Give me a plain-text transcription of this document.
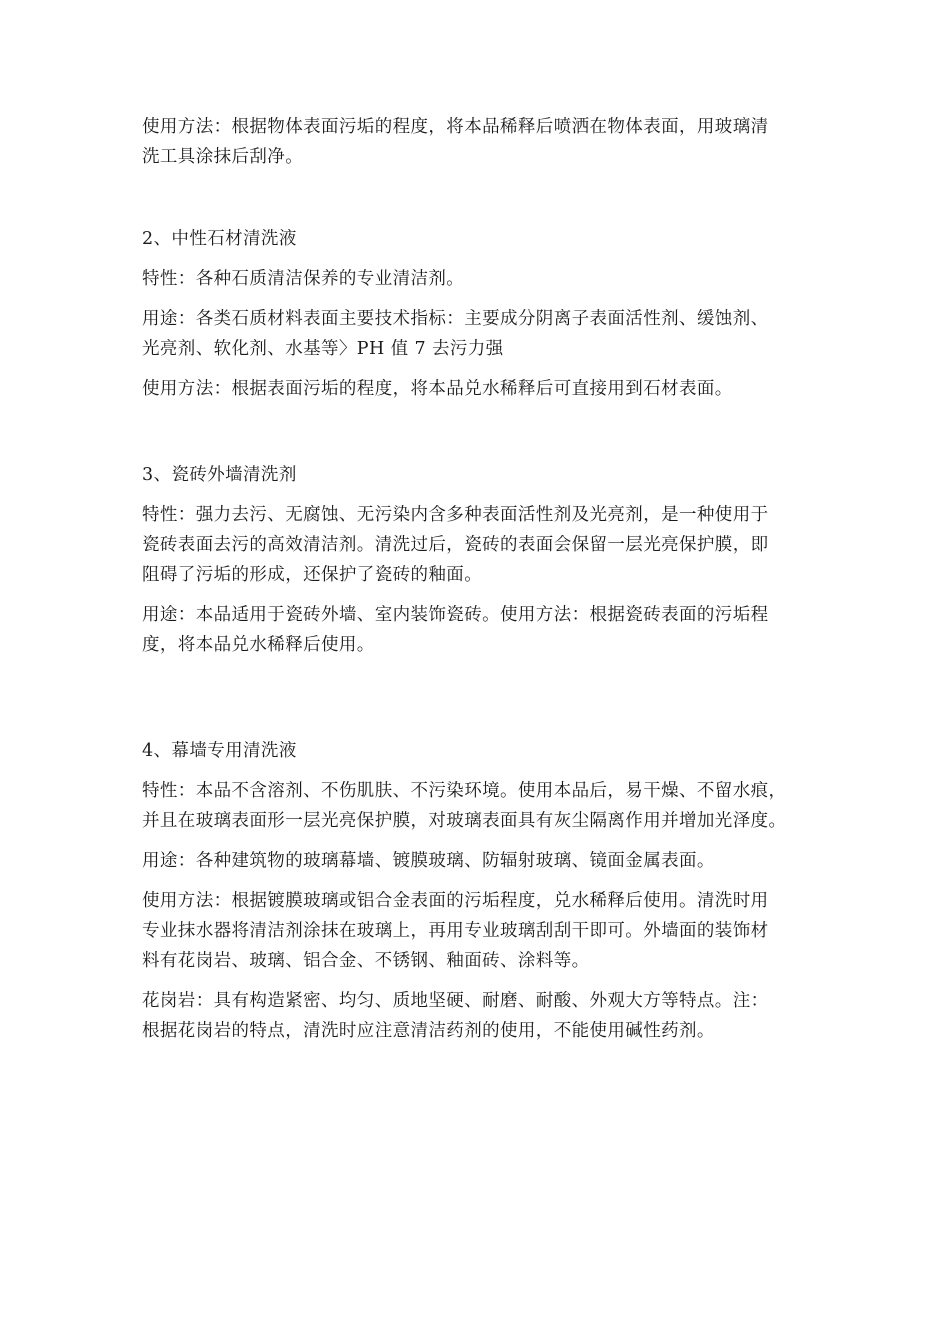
使用方法：根据物体表面污垢的程度，将本品稀释后喷洒在物体表面，用玻璃清
洗工具涂抹后刮净。

2、中性石材清洗液

特性：各种石质清洁保养的专业清洁剂。

用途：各类石质材料表面主要技术指标：主要成分阴离子表面活性剂、缓蚀剂、
光亮剂、软化剂、水基等〉PH 值 7 去污力强

使用方法：根据表面污垢的程度，将本品兑水稀释后可直接用到石材表面。

3、瓷砖外墙清洗剂

特性：强力去污、无腐蚀、无污染内含多种表面活性剂及光亮剂，是一种使用于
瓷砖表面去污的高效清洁剂。清洗过后，瓷砖的表面会保留一层光亮保护膜，即
阻碍了污垢的形成，还保护了瓷砖的釉面。

用途：本品适用于瓷砖外墙、室内装饰瓷砖。使用方法：根据瓷砖表面的污垢程
度，将本品兑水稀释后使用。

4、幕墙专用清洗液

特性：本品不含溶剂、不伤肌肤、不污染环境。使用本品后，易干燥、不留水痕，
并且在玻璃表面形一层光亮保护膜，对玻璃表面具有灰尘隔离作用并增加光泽度。

用途：各种建筑物的玻璃幕墙、镀膜玻璃、防辐射玻璃、镜面金属表面。

使用方法：根据镀膜玻璃或铝合金表面的污垢程度，兑水稀释后使用。清洗时用
专业抹水器将清洁剂涂抹在玻璃上，再用专业玻璃刮刮干即可。外墙面的装饰材
料有花岗岩、玻璃、铝合金、不锈钢、釉面砖、涂料等。

花岗岩：具有构造紧密、均匀、质地坚硬、耐磨、耐酸、外观大方等特点。注：
根据花岗岩的特点，清洗时应注意清洁药剂的使用，不能使用碱性药剂。
